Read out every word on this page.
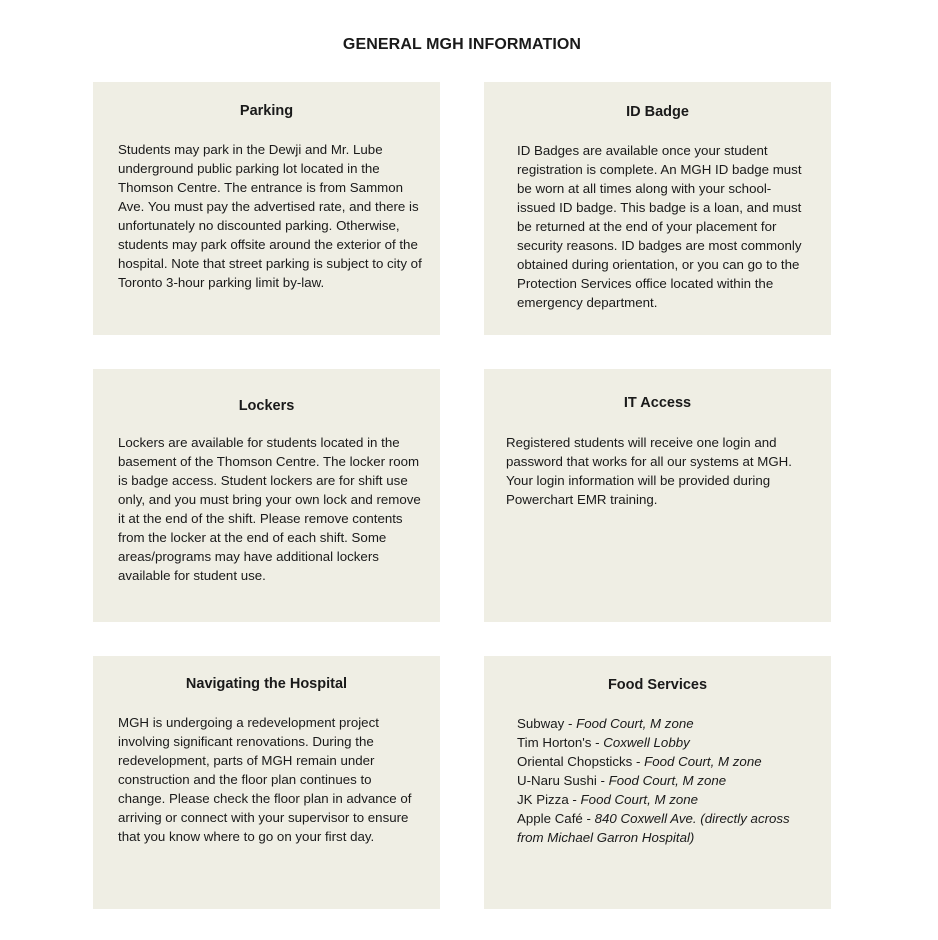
GENERAL MGH INFORMATION
Parking
Students may park in the Dewji and Mr. Lube underground public parking lot located in the Thomson Centre. The entrance is from Sammon Ave. You must pay the advertised rate, and there is unfortunately no discounted parking. Otherwise, students may park offsite around the exterior of the hospital. Note that street parking is subject to city of Toronto 3-hour parking limit by-law.
ID Badge
ID Badges are available once your student registration is complete. An MGH ID badge must be worn at all times along with your school-issued ID badge. This badge is a loan, and must be returned at the end of your placement for security reasons. ID badges are most commonly obtained during orientation, or you can go to the Protection Services office located within the emergency department.
Lockers
Lockers are available for students located in the basement of the Thomson Centre. The locker room is badge access. Student lockers are for shift use only, and you must bring your own lock and remove it at the end of the shift. Please remove contents from the locker at the end of each shift. Some areas/programs may have additional lockers available for student use.
IT Access
Registered students will receive one login and password that works for all our systems at MGH. Your login information will be provided during Powerchart EMR training.
Navigating the Hospital
MGH is undergoing a redevelopment project involving significant renovations. During the redevelopment, parts of MGH remain under construction and the floor plan continues to change. Please check the floor plan in advance of arriving or connect with your supervisor to ensure that you know where to go on your first day.
Food Services
Subway - Food Court, M zone
Tim Horton's - Coxwell Lobby
Oriental Chopsticks - Food Court, M zone
U-Naru Sushi - Food Court, M zone
JK Pizza - Food Court, M zone
Apple Café - 840 Coxwell Ave. (directly across from Michael Garron Hospital)
